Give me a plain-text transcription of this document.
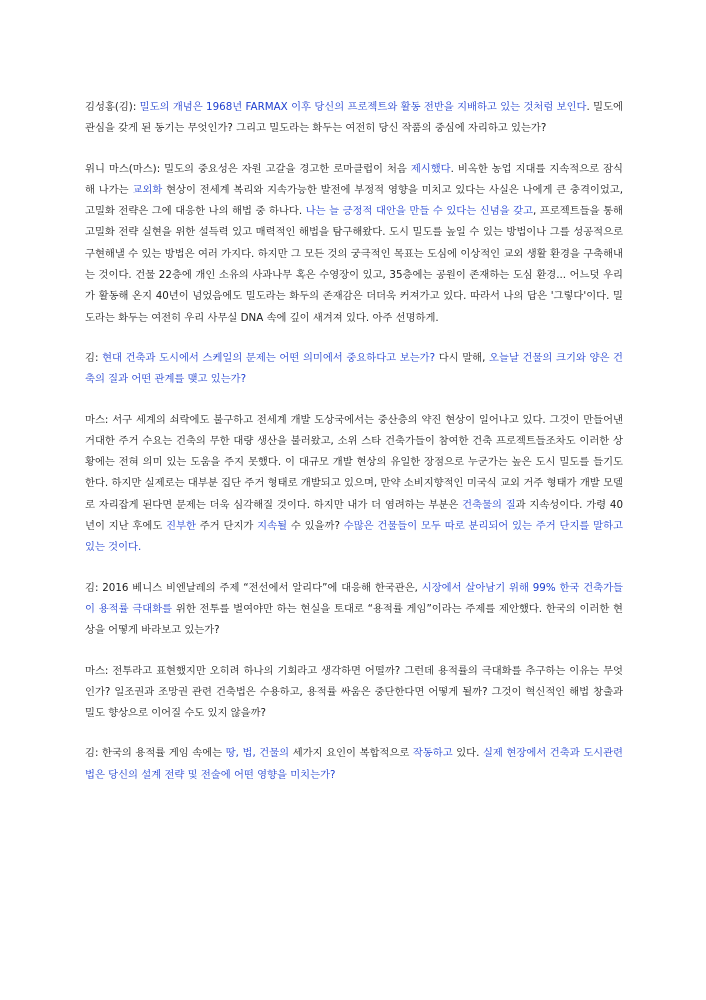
김성홍(김): 밀도의 개념은 1968년 FARMAX 이후 당신의 프로젝트와 활동 전반을 지배하고 있는 것처럼 보인다. 밀도에 관심을 갖게 된 동기는 무엇인가? 그리고 밀도라는 화두는 여전히 당신 작품의 중심에 자리하고 있는가?

위니 마스(마스): 밀도의 중요성은 자원 고갈을 경고한 로마클럽이 처음 제시했다. 비옥한 농업 지대를 지속적으로 잠식해 나가는 교외화 현상이 전세계 복리와 지속가능한 발전에 부정적 영향을 미치고 있다는 사실은 나에게 큰 충격이었고, 고밀화 전략은 그에 대응한 나의 해법 중 하나다. 나는 늘 긍정적 대안을 만들 수 있다는 신념을 갖고, 프로젝트들을 통해 고밀화 전략 실현을 위한 설득력 있고 매력적인 해법을 탐구해왔다. 도시 밀도를 높일 수 있는 방법이나 그를 성공적으로 구현해낼 수 있는 방법은 여러 가지다. 하지만 그 모든 것의 궁극적인 목표는 도심에 이상적인 교외 생활 환경을 구축해내는 것이다. 건물 22층에 개인 소유의 사과나무 혹은 수영장이 있고, 35층에는 공원이 존재하는 도심 환경... 어느덧 우리가 활동해 온지 40년이 넘었음에도 밀도라는 화두의 존재감은 더더욱 커져가고 있다. 따라서 나의 답은 '그렇다'이다. 밀도라는 화두는 여전히 우리 사무실 DNA 속에 깊이 새겨져 있다. 아주 선명하게.

김: 현대 건축과 도시에서 스케일의 문제는 어떤 의미에서 중요하다고 보는가? 다시 말해, 오늘날 건물의 크기와 양은 건축의 질과 어떤 관계를 맺고 있는가?

마스: 서구 세계의 쇠락에도 불구하고 전세계 개발 도상국에서는 중산층의 약진 현상이 일어나고 있다. 그것이 만들어낸 거대한 주거 수요는 건축의 무한 대량 생산을 불러왔고, 소위 스타 건축가들이 참여한 건축 프로젝트들조차도 이러한 상황에는 전혀 의미 있는 도움을 주지 못했다. 이 대규모 개발 현상의 유일한 장점으로 누군가는 높은 도시 밀도를 들기도 한다. 하지만 실제로는 대부분 집단 주거 형태로 개발되고 있으며, 만약 소비지향적인 미국식 교외 거주 형태가 개발 모델로 자리잡게 된다면 문제는 더욱 심각해질 것이다. 하지만 내가 더 염려하는 부분은 건축물의 질과 지속성이다. 가령 40년이 지난 후에도 진부한 주거 단지가 지속될 수 있을까? 수많은 건물들이 모두 따로 분리되어 있는 주거 단지를 말하고 있는 것이다.

김: 2016 베니스 비엔날레의 주제 “전선에서 알리다”에 대응해 한국관은, 시장에서 살아남기 위해 99% 한국 건축가들이 용적률 극대화를 위한 전투를 벌여야만 하는 현실을 토대로 “용적률 게임”이라는 주제를 제안했다. 한국의 이러한 현상을 어떻게 바라보고 있는가?

마스: 전투라고 표현했지만 오히려 하나의 기회라고 생각하면 어떨까? 그런데 용적률의 극대화를 추구하는 이유는 무엇인가? 일조권과 조망권 관련 건축법은 수용하고, 용적률 싸움은 중단한다면 어떻게 될까? 그것이 혁신적인 해법 창출과 밀도 향상으로 이어질 수도 있지 않을까?

김: 한국의 용적률 게임 속에는 땅, 법, 건물의 세가지 요인이 복합적으로 작동하고 있다. 실제 현장에서 건축과 도시관련법은 당신의 설계 전략 및 전술에 어떤 영향을 미치는가?
